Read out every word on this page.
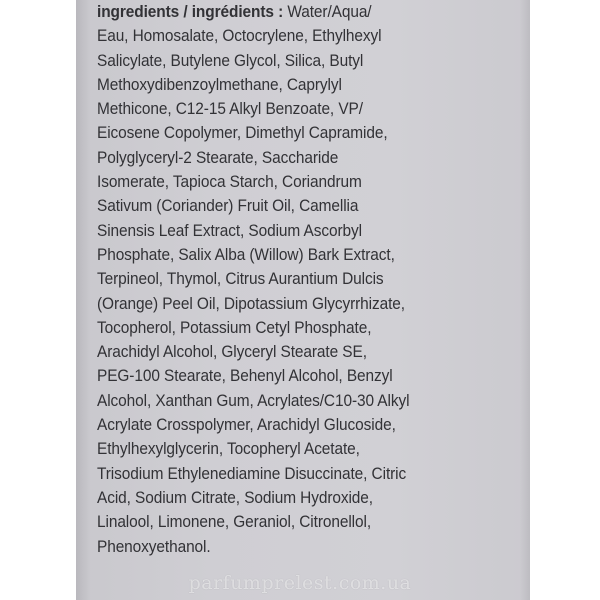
ingredients / ingrédients : Water/Aqua/
Eau, Homosalate, Octocrylene, Ethylhexyl
Salicylate, Butylene Glycol, Silica, Butyl
Methoxydibenzoylmethane, Caprylyl
Methicone, C12-15 Alkyl Benzoate, VP/
Eicosene Copolymer, Dimethyl Capramide,
Polyglyceryl-2 Stearate, Saccharide
Isomerate, Tapioca Starch, Coriandrum
Sativum (Coriander) Fruit Oil, Camellia
Sinensis Leaf Extract, Sodium Ascorbyl
Phosphate, Salix Alba (Willow) Bark Extract,
Terpineol, Thymol, Citrus Aurantium Dulcis
(Orange) Peel Oil, Dipotassium Glycyrrhizate,
Tocopherol, Potassium Cetyl Phosphate,
Arachidyl Alcohol, Glyceryl Stearate SE,
PEG-100 Stearate, Behenyl Alcohol, Benzyl
Alcohol, Xanthan Gum, Acrylates/C10-30 Alkyl
Acrylate Crosspolymer, Arachidyl Glucoside,
Ethylhexylglycerin, Tocopheryl Acetate,
Trisodium Ethylenediamine Disuccinate, Citric
Acid, Sodium Citrate, Sodium Hydroxide,
Linalool, Limonene, Geraniol, Citronellol,
Phenoxyethanol.
parfumprelest.com.ua
